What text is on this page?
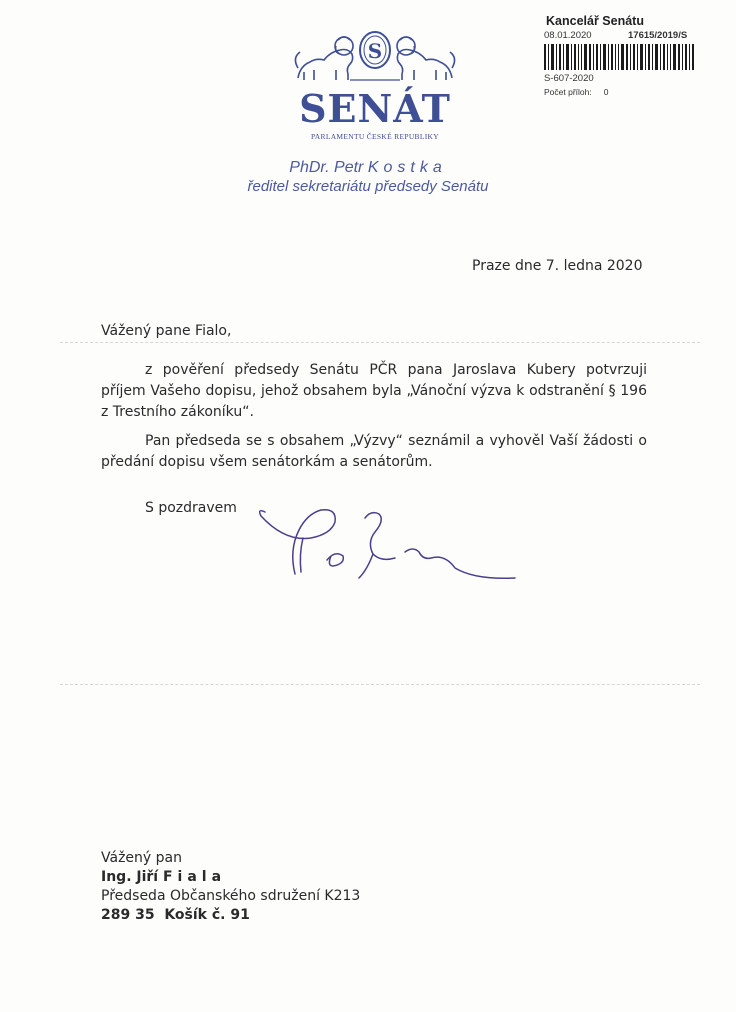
Kancelář Senátu
08.01.2020	17615/2019/S
S-607-2020
Počet příloh: 0
S
SENÁT
PARLAMENTU ČESKÉ REPUBLIKY
PhDr. Petr Kostka
ředitel sekretariátu předsedy Senátu
Praze dne 7. ledna 2020
Vážený pane Fialo,

z pověření předsedy Senátu PČR pana Jaroslava Kubery potvrzuji příjem Vašeho dopisu, jehož obsahem byla „Vánoční výzva k odstranění § 196 z Trestního zákoníku“.

Pan předseda se s obsahem „Výzvy“ seznámil a vyhověl Vaší žádosti o předání dopisu všem senátorkám a senátorům.

S pozdravem
Vážený pan
Ing. Jiří Fiala
Předseda Občanského sdružení K213
289 35  Košík č. 91
